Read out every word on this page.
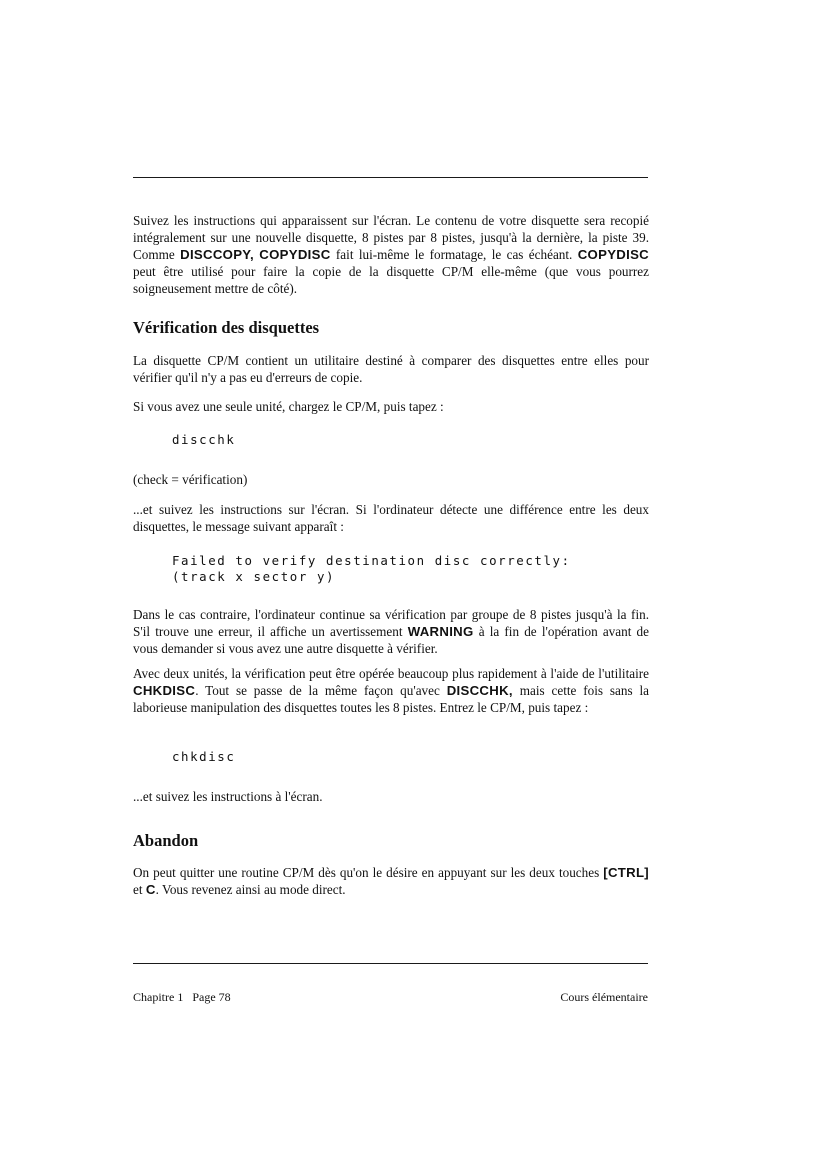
Suivez les instructions qui apparaissent sur l'écran. Le contenu de votre disquette sera recopié intégralement sur une nouvelle disquette, 8 pistes par 8 pistes, jusqu'à la dernière, la piste 39. Comme DISCCOPY, COPYDISC fait lui-même le formatage, le cas échéant. COPYDISC peut être utilisé pour faire la copie de la disquette CP/M elle-même (que vous pourrez soigneusement mettre de côté).
Vérification des disquettes
La disquette CP/M contient un utilitaire destiné à comparer des disquettes entre elles pour vérifier qu'il n'y a pas eu d'erreurs de copie.
Si vous avez une seule unité, chargez le CP/M, puis tapez :
discchk
(check = vérification)
...et suivez les instructions sur l'écran. Si l'ordinateur détecte une différence entre les deux disquettes, le message suivant apparaît :
Failed to verify destination disc correctly:
(track x sector y)
Dans le cas contraire, l'ordinateur continue sa vérification par groupe de 8 pistes jusqu'à la fin. S'il trouve une erreur, il affiche un avertissement WARNING à la fin de l'opération avant de vous demander si vous avez une autre disquette à vérifier.
Avec deux unités, la vérification peut être opérée beaucoup plus rapidement à l'aide de l'utilitaire CHKDISC. Tout se passe de la même façon qu'avec DISCCHK, mais cette fois sans la laborieuse manipulation des disquettes toutes les 8 pistes. Entrez le CP/M, puis tapez :
chkdisc
...et suivez les instructions à l'écran.
Abandon
On peut quitter une routine CP/M dès qu'on le désire en appuyant sur les deux touches [CTRL] et C. Vous revenez ainsi au mode direct.
Chapitre 1   Page 78	Cours élémentaire
